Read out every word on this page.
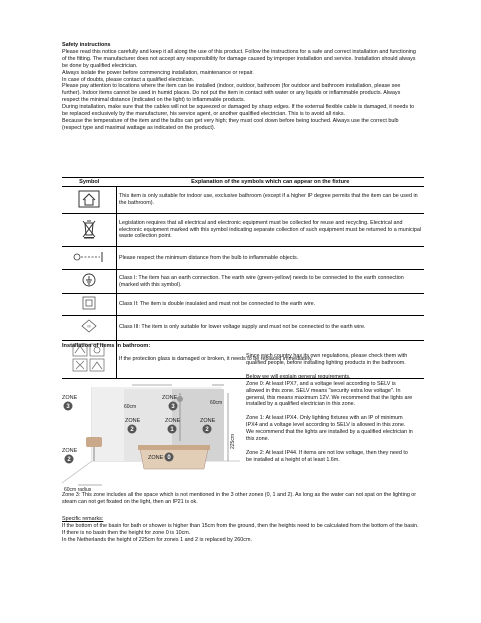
Safety instructions
Please read this notice carefully and keep it all along the use of this product. Follow the instructions for a safe and correct installation and functioning of the fitting. The manufacturer does not accept any responsibility for damage caused by improper installation and service. Installation should always be done by qualified electrician.
Always isolate the power before commencing installation, maintenance or repair.
In case of doubts, please contact a qualified electrician.
Please pay attention to locations where the item can be installed (indoor, outdoor, bathroom (for outdoor and bathroom installation, please see further). Indoor items cannot be used in humid places. Do not put the item in contact with water or any liquids or inflammable products. Always respect the minimal distance (indicated on the light) to inflammable products.
During installation, make sure that the cables will not be squeezed or damaged by sharp edges. If the external flexible cable is damaged, it needs to be replaced exclusively by the manufacturer, his service agent, or another qualified electrician. This is to avoid all risks.
Because the temperature of the item and the bulbs can get very high; they must cool down before being touched. Always use the correct bulb (respect type and maximal wattage as indicated on the product).
Symbol	Explanation of the symbols which can appear on the fixture
	This item is only suitable for indoor use, exclusive bathroom (except if a higher IP degree permits that the item can be used in the bathroom).
	Legislation requires that all electrical and electronic equipment must be collected for reuse and recycling. Electrical and electronic equipment marked with this symbol indicating separate collection of such equipment must be returned to a municipal waste collection point.
	Please respect the minimum distance from the bulb to inflammable objects.
	Class I: The item has an earth connection. The earth wire (green-yellow) needs to be connected to the earth connection (marked with this symbol).
	Class II: The item is double insulated and must not be connected to the earth wire.

III	Class III: The item is only suitable for lower voltage supply and must not be connected to the earth wire.
	If the protection glass is damaged or broken, it needs to be replaced immediately.
Installation of items in bathroom:
ZONE
3
ZONE
3
60cm
60cm
ZONE
2
ZONE
1
ZONE
2
225cm
ZONE
2	ZONE 0
60cm radius
Since each country has its own regulations, please check them with qualified people, before installing lighting products in the bathroom.
Below we will explain general requirements.
Zone 0: At least IPX7, and a voltage level according to SELV is allowed in this zone. SELV means "security extra low voltage". In general, this means maximum 12V. We recommend that the lights are installed by a qualified electrician in this zone.
Zone 1: At least IPX4. Only lighting fixtures with an IP of minimum IPX4 and a voltage level according to SELV is allowed in this zone. We recommend that the lights are installed by a qualified electrician in this zone.
Zone 2: At least IP44. If items are not low voltage, then they need to be installed at a height of at least 1.6m.
Zone 3: This zone includes all the space which is not mentioned in the 3 other zones (0, 1 and 2). As long as the water can not spat on the lighting or steam can not get fixated on the light, then an IP21 is ok.
Specific remarks:
If the bottom of the basin for bath or shower is higher than 15cm from the ground, then the heights need to be calculated from the bottom of the basin.
If there is no basin then the height for zone 0 is 10cm.
In the Netherlands the height of 225cm for zones 1 and 2 is replaced by 260cm.
